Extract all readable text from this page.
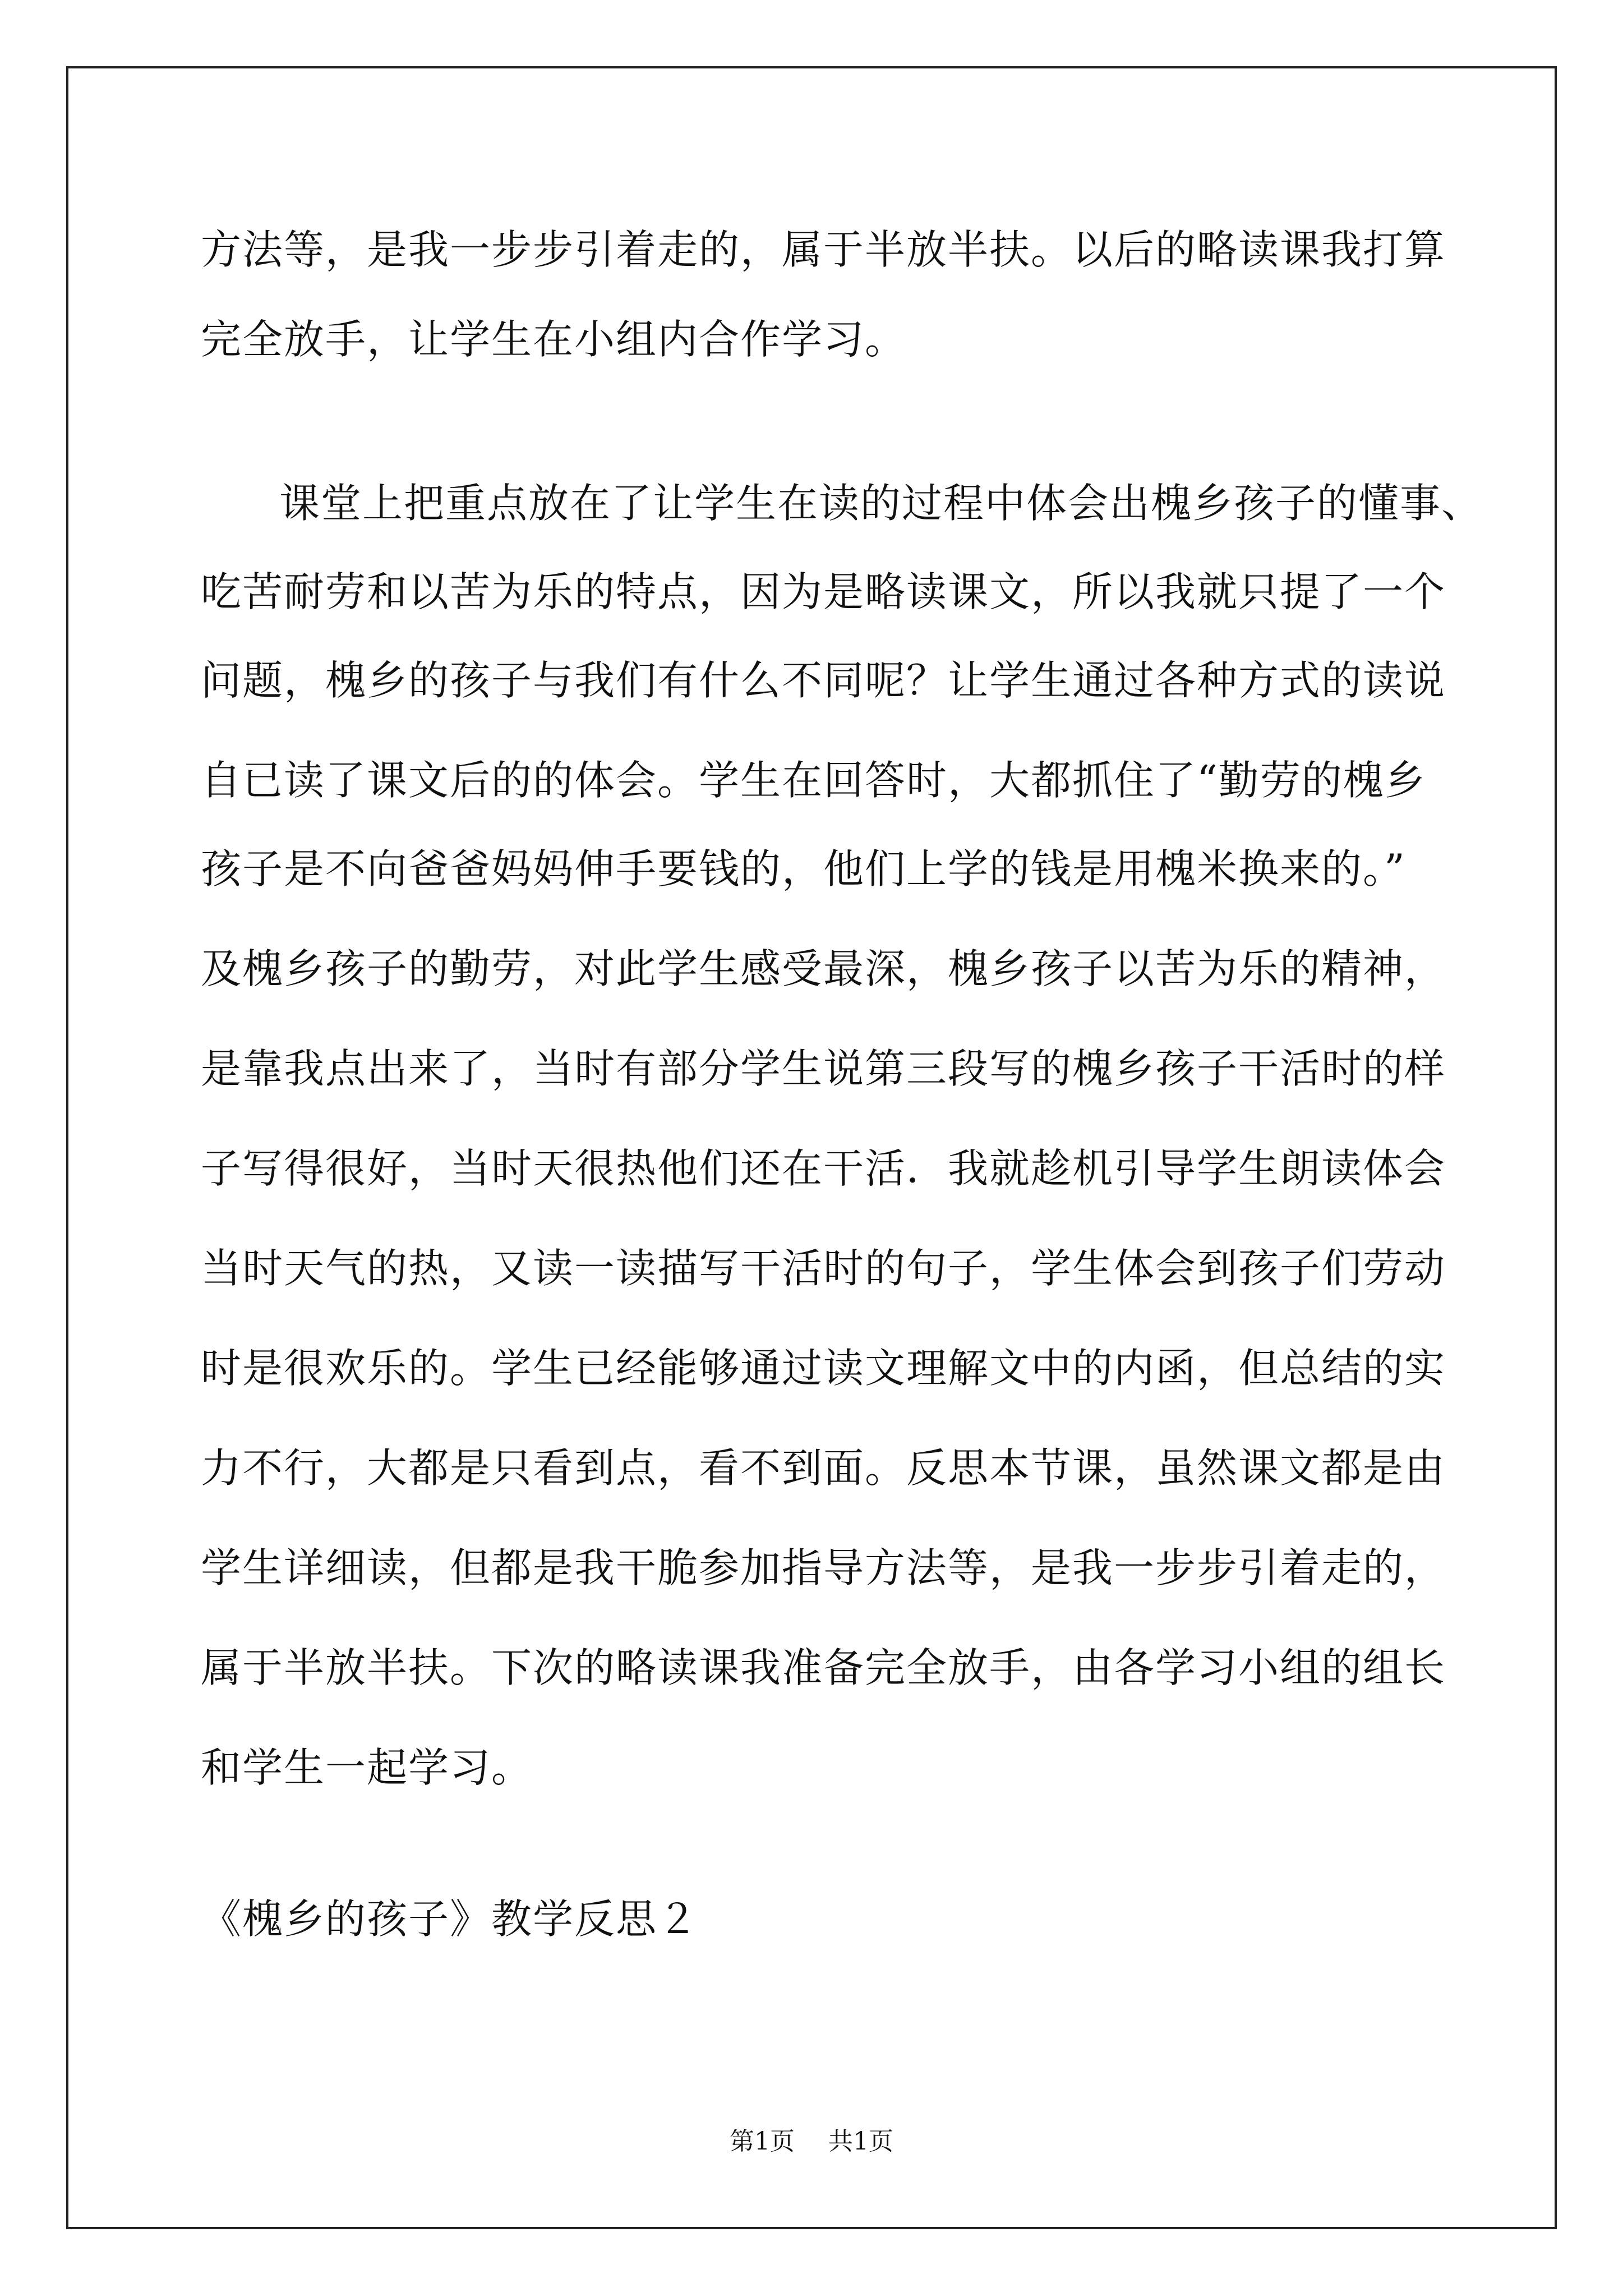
方法等，是我一步步引着走的，属于半放半扶。以后的略读课我打算
完全放手，让学生在小组内合作学习。
课堂上把重点放在了让学生在读的过程中体会出槐乡孩子的懂事、
吃苦耐劳和以苦为乐的特点，因为是略读课文，所以我就只提了一个
问题，槐乡的孩子与我们有什么不同呢？让学生通过各种方式的读说
自已读了课文后的的体会。学生在回答时，大都抓住了“勤劳的槐乡
孩子是不向爸爸妈妈伸手要钱的，他们上学的钱是用槐米换来的。”
及槐乡孩子的勤劳，对此学生感受最深，槐乡孩子以苦为乐的精神，
是靠我点出来了，当时有部分学生说第三段写的槐乡孩子干活时的样
子写得很好，当时天很热他们还在干活．我就趁机引导学生朗读体会
当时天气的热，又读一读描写干活时的句子，学生体会到孩子们劳动
时是很欢乐的。学生已经能够通过读文理解文中的内函，但总结的实
力不行，大都是只看到点，看不到面。反思本节课，虽然课文都是由
学生详细读，但都是我干脆参加指导方法等，是我一步步引着走的，
属于半放半扶。下次的略读课我准备完全放手，由各学习小组的组长
和学生一起学习。
《槐乡的孩子》教学反思２
第1页 共1页
